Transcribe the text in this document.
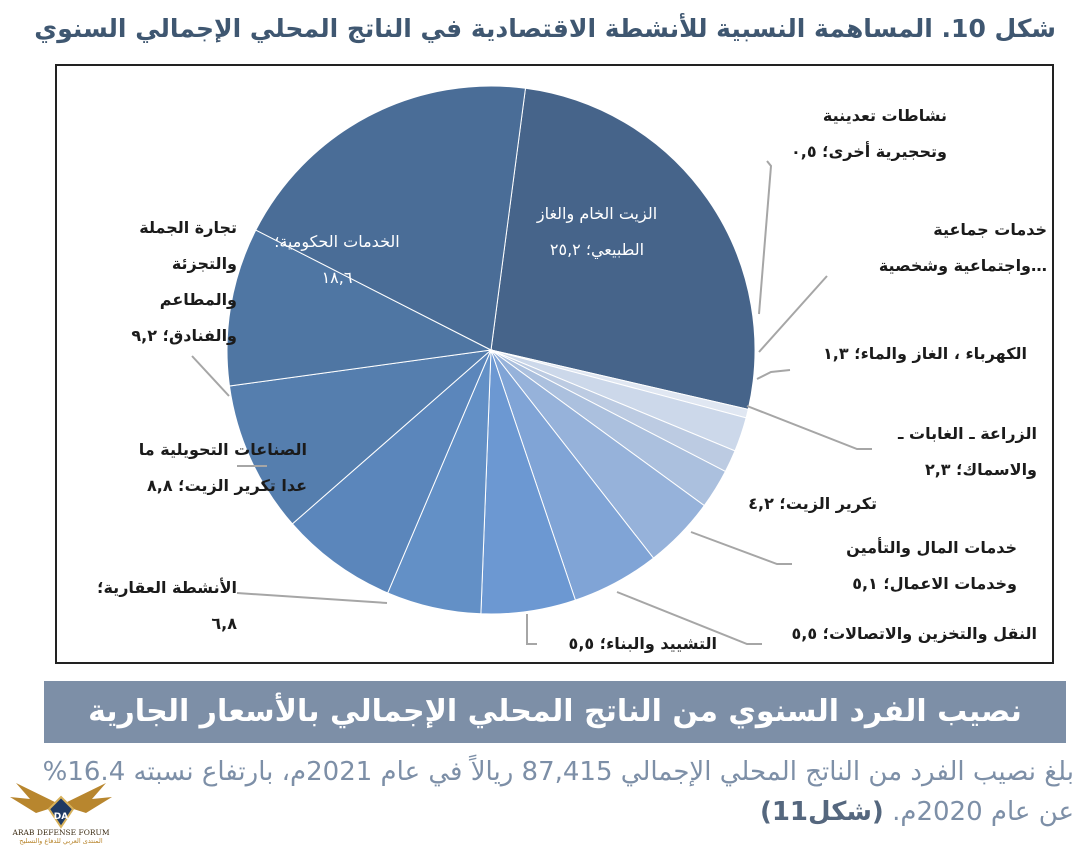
شكل 10. المساهمة النسبية للأنشطة الاقتصادية في الناتج المحلي الإجمالي السنوي
الزيت الخام والغاز
الطبيعي؛ ٢٥,٢
نشاطات تعدينية
وتحجيرية أخرى؛ ٠,٥
خدمات جماعية
…واجتماعية وشخصية
الكهرباء ، الغاز والماء؛ ١,٣
الزراعة ـ الغابات ـ
والاسماك؛ ٢,٣
تكرير الزيت؛ ٤,٢
خدمات المال والتأمين
وخدمات الاعمال؛ ٥,١
النقل والتخزين والاتصالات؛ ٥,٥
التشييد والبناء؛ ٥,٥
الأنشطة العقارية؛
٦,٨
الصناعات التحويلية ما
عدا تكرير الزيت؛ ٨,٨
تجارة الجملة
والتجزئة
والمطاعم
والفنادق؛ ٩,٢
الخدمات الحكومية؛
١٨,٦
نصيب الفرد السنوي من الناتج المحلي الإجمالي بالأسعار الجارية
بلغ نصيب الفرد من الناتج المحلي الإجمالي 87,415 ريالاً في عام 2021م، بارتفاع نسبته 16.4% عن عام 2020م. (شكل11)
DA
ARAB DEFENSE FORUM
المنتدى العربي للدفاع والتسليح
